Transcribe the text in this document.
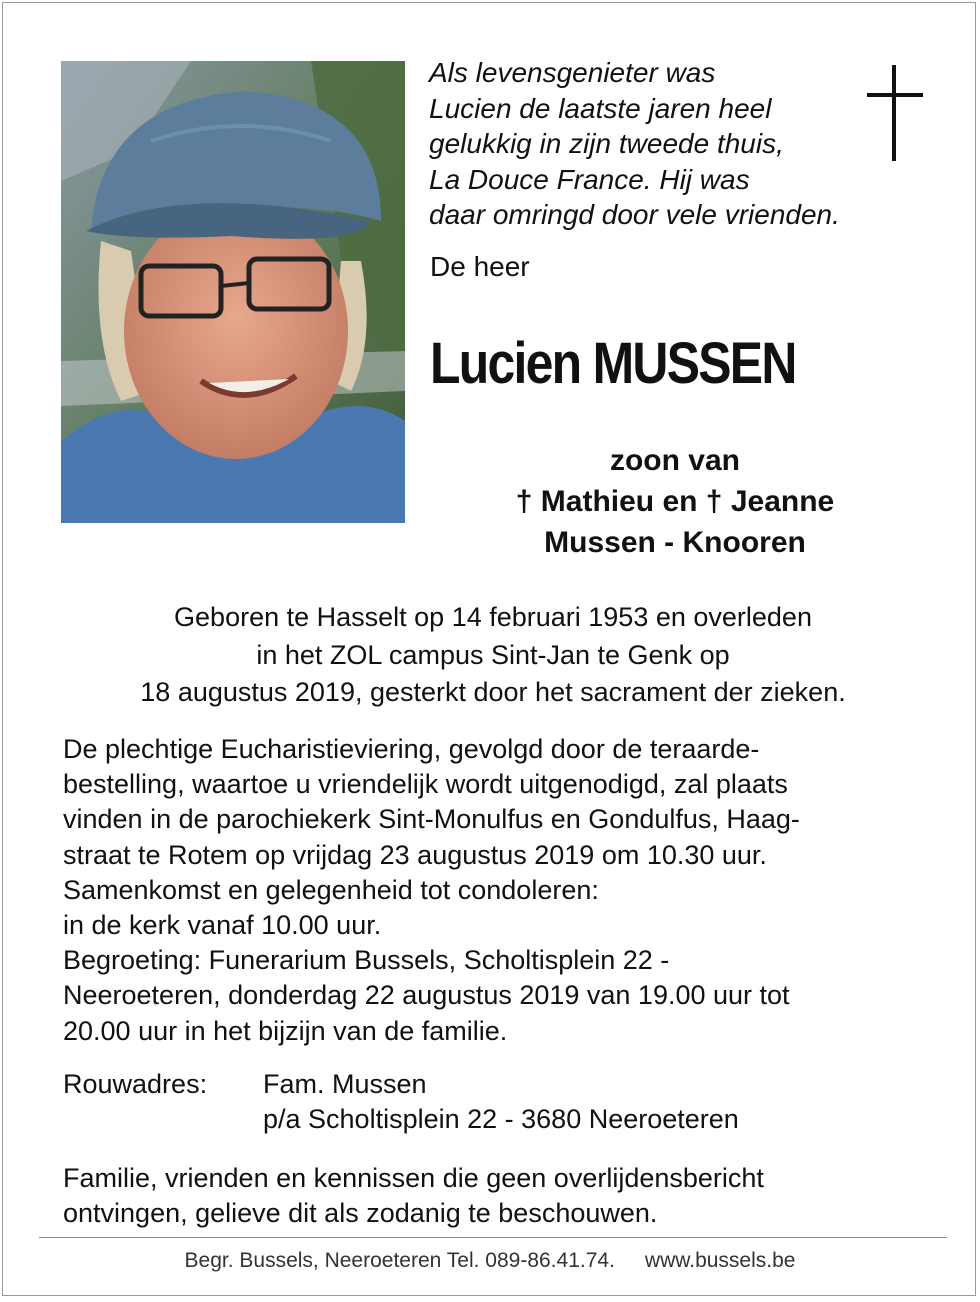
Als levensgenieter was
Lucien de laatste jaren heel
gelukkig in zijn tweede thuis,
La Douce France. Hij was
daar omringd door vele vrienden.
De heer
Lucien MUSSEN
zoon van
† Mathieu en † Jeanne
Mussen - Knooren
Geboren te Hasselt op 14 februari 1953 en overleden
in het ZOL campus Sint-Jan te Genk op
18 augustus 2019, gesterkt door het sacrament der zieken.
De plechtige Eucharistieviering, gevolgd door de teraarde-
bestelling, waartoe u vriendelijk wordt uitgenodigd, zal plaats
vinden in de parochiekerk Sint-Monulfus en Gondulfus, Haag-
straat te Rotem op vrijdag 23 augustus 2019 om 10.30 uur.
Samenkomst en gelegenheid tot condoleren:
in de kerk vanaf 10.00 uur.
Begroeting: Funerarium Bussels, Scholtisplein 22 -
Neeroeteren, donderdag 22 augustus 2019 van 19.00 uur tot
20.00 uur in het bijzijn van de familie.
Rouwadres:	Fam. Mussen
p/a Scholtisplein 22 - 3680 Neeroeteren
Familie, vrienden en kennissen die geen overlijdensbericht
ontvingen, gelieve dit als zodanig te beschouwen.
Begr. Bussels, Neeroeteren Tel. 089-86.41.74. www.bussels.be
